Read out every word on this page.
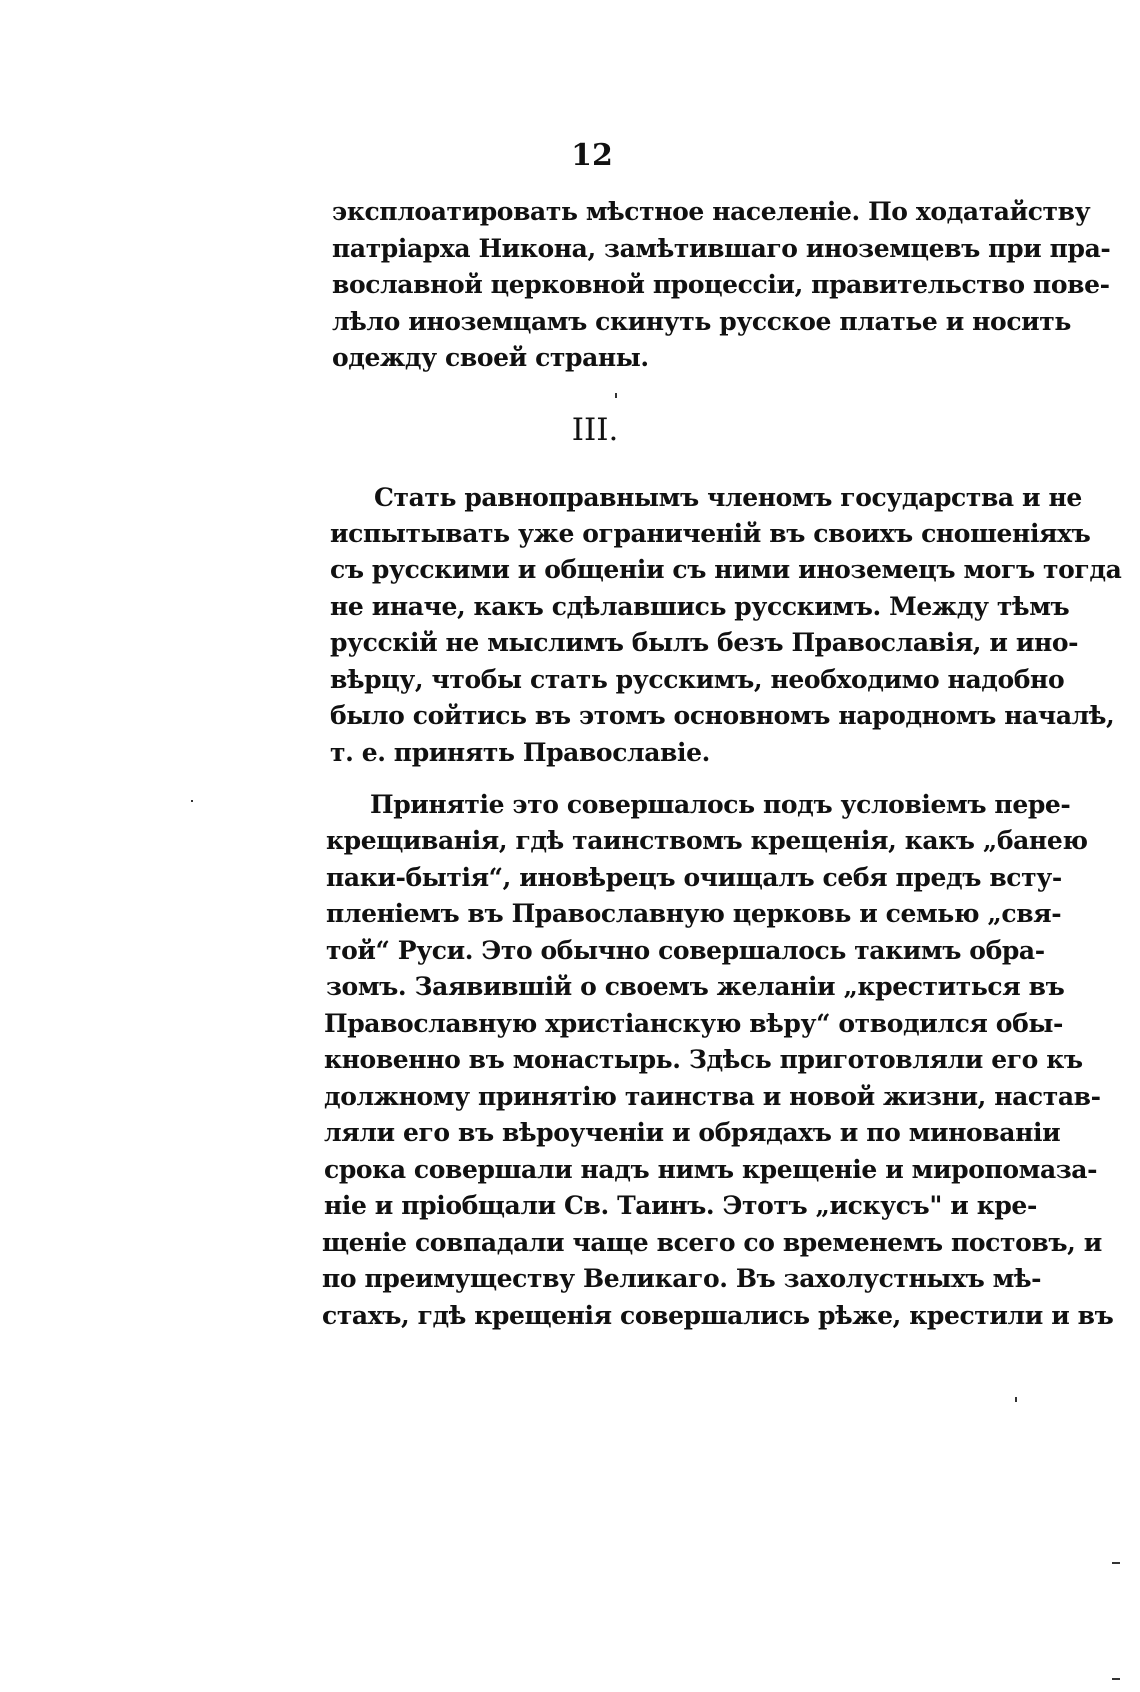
12
эксплоатировать мѣстное населеніе. По ходатайству
патріарха Никона, замѣтившаго иноземцевъ при пра-
вославной церковной процессіи, правительство пове-
лѣло иноземцамъ скинуть русское платье и носить
одежду своей страны.
III.
Стать равноправнымъ членомъ государства и не
испытывать уже ограниченій въ своихъ сношеніяхъ
съ русскими и общеніи съ ними иноземецъ могъ тогда
не иначе, какъ сдѣлавшись русскимъ. Между тѣмъ
русскій не мыслимъ былъ безъ Православія, и ино-
вѣрцу, чтобы стать русскимъ, необходимо надобно
было сойтись въ этомъ основномъ народномъ началѣ,
т. е. принять Православіе.
Принятіе это совершалось подъ условіемъ пере-
крещиванія, гдѣ таинствомъ крещенія, какъ „банею
паки-бытія“, иновѣрецъ очищалъ себя предъ всту-
пленіемъ въ Православную церковь и семью „свя-
той“ Руси. Это обычно совершалось такимъ обра-
зомъ. Заявившій о своемъ желаніи „креститься въ
Православную христіанскую вѣру“ отводился обы-
кновенно въ монастырь. Здѣсь приготовляли его къ
должному принятію таинства и новой жизни, настав-
ляли его въ вѣроученіи и обрядахъ и по минованіи
срока совершали надъ нимъ крещеніе и миропомаза-
ніе и пріобщали Св. Таинъ. Этотъ „искусъ" и кре-
щеніе совпадали чаще всего со временемъ постовъ, и
по преимуществу Великаго. Въ захолустныхъ мѣ-
стахъ, гдѣ крещенія совершались рѣже, крестили и въ
